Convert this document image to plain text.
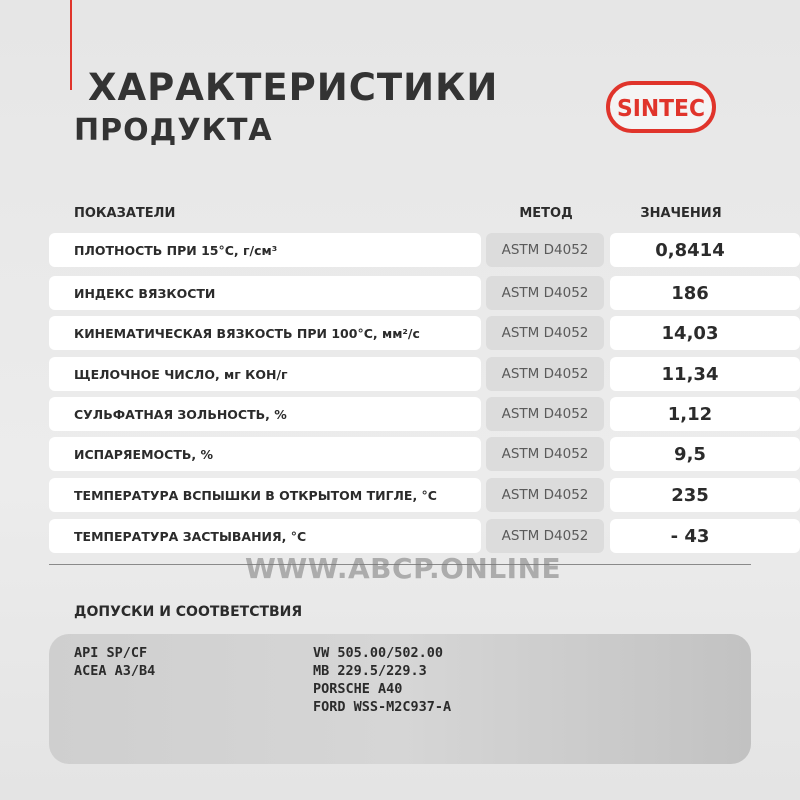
ХАРАКТЕРИСТИКИ
ПРОДУКТА
SINTEC
ПОКАЗАТЕЛИ	МЕТОД	ЗНАЧЕНИЯ
ПЛОТНОСТЬ ПРИ 15°С, г/см³	ASTM D4052	0,8414
ИНДЕКС ВЯЗКОСТИ	ASTM D4052	186
КИНЕМАТИЧЕСКАЯ ВЯЗКОСТЬ ПРИ 100°С, мм²/с	ASTM D4052	14,03
ЩЕЛОЧНОЕ ЧИСЛО, мг КОН/г	ASTM D4052	11,34
СУЛЬФАТНАЯ ЗОЛЬНОСТЬ, %	ASTM D4052	1,12
ИСПАРЯЕМОСТЬ, %	ASTM D4052	9,5
ТЕМПЕРАТУРА ВСПЫШКИ В ОТКРЫТОМ ТИГЛЕ, °С	ASTM D4052	235
ТЕМПЕРАТУРА ЗАСТЫВАНИЯ, °С	ASTM D4052	- 43

WWW.ABCP.ONLINE

ДОПУСКИ И СООТВЕТСТВИЯ

API SP/CF
ACEA A3/B4
VW 505.00/502.00
MB 229.5/229.3
PORSCHE A40
FORD WSS-M2C937-A
